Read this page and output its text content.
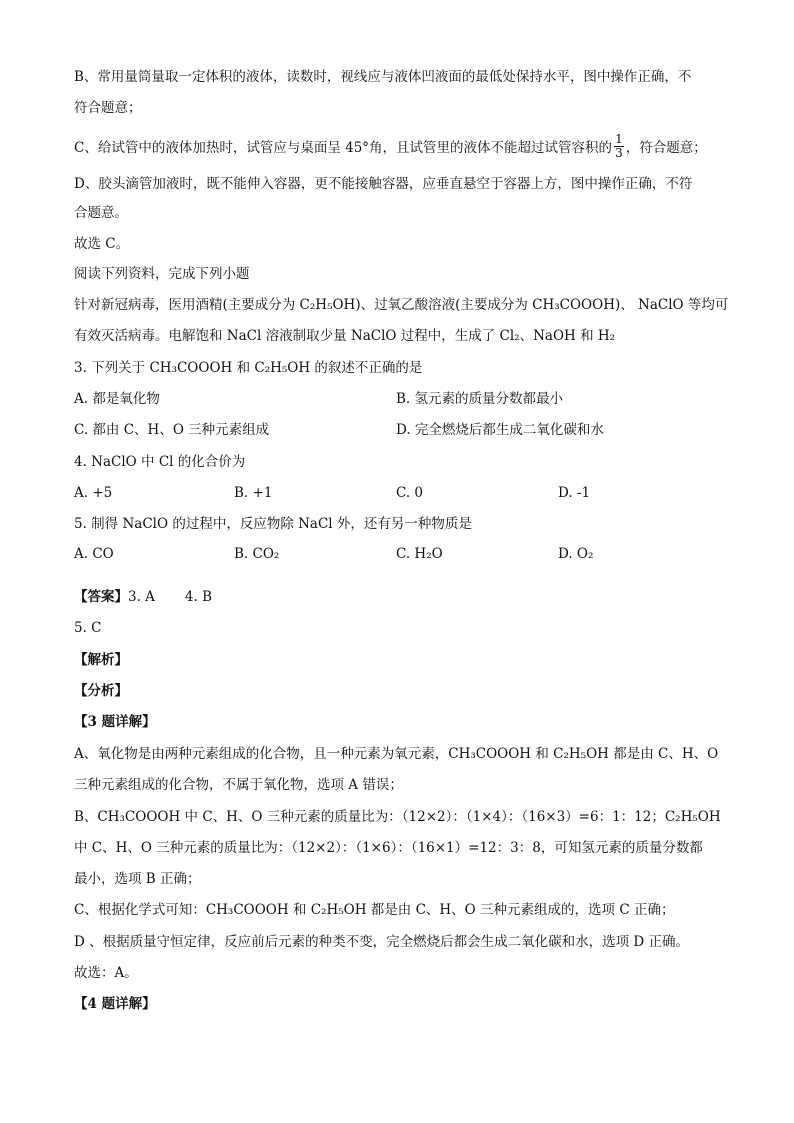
B、常用量筒量取一定体积的液体，读数时，视线应与液体凹液面的最低处保持水平，图中操作正确，不
符合题意；
C、给试管中的液体加热时，试管应与桌面呈 45°角，且试管里的液体不能超过试管容积的 $\frac{1}{3}$ ，符合题意；
D、胶头滴管加液时，既不能伸入容器，更不能接触容器，应垂直悬空于容器上方，图中操作正确，不符
合题意。
故选 C。
阅读下列资料，完成下列小题
针对新冠病毒，医用酒精(主要成分为 C₂H₅OH)、过氧乙酸溶液(主要成分为 CH₃COOOH)、 NaClO 等均可
有效灭活病毒。电解饱和 NaCl 溶液制取少量 NaClO 过程中，生成了 Cl₂、NaOH 和 H₂
3. 下列关于 CH₃COOOH 和 C₂H₅OH 的叙述不正确的是
A. 都是氧化物	B. 氢元素的质量分数都最小
C. 都由 C、H、O 三种元素组成	D. 完全燃烧后都生成二氧化碳和水
4. NaClO 中 Cl 的化合价为
A. +5	B. +1	C. 0	D. -1
5. 制得 NaClO 的过程中，反应物除 NaCl 外，还有另一种物质是
A. CO	B. CO₂	C. H₂O	D. O₂
【答案】3. A 4. B
5. C
【解析】
【分析】
【3 题详解】
A、氧化物是由两种元素组成的化合物，且一种元素为氧元素，CH₃COOOH 和 C₂H₅OH 都是由 C、H、O
三种元素组成的化合物，不属于氧化物，选项 A 错误；
B、CH₃COOOH 中 C、H、O 三种元素的质量比为：（12×2）：（1×4）：（16×3）=6：1：12；C₂H₅OH
中 C、H、O 三种元素的质量比为：（12×2）：（1×6）：（16×1）=12：3：8，可知氢元素的质量分数都
最小，选项 B 正确；
C、根据化学式可知：CH₃COOOH 和 C₂H₅OH 都是由 C、H、O 三种元素组成的，选项 C 正确；
D 、根据质量守恒定律，反应前后元素的种类不变，完全燃烧后都会生成二氧化碳和水，选项 D 正确。
故选：A。
【4 题详解】
